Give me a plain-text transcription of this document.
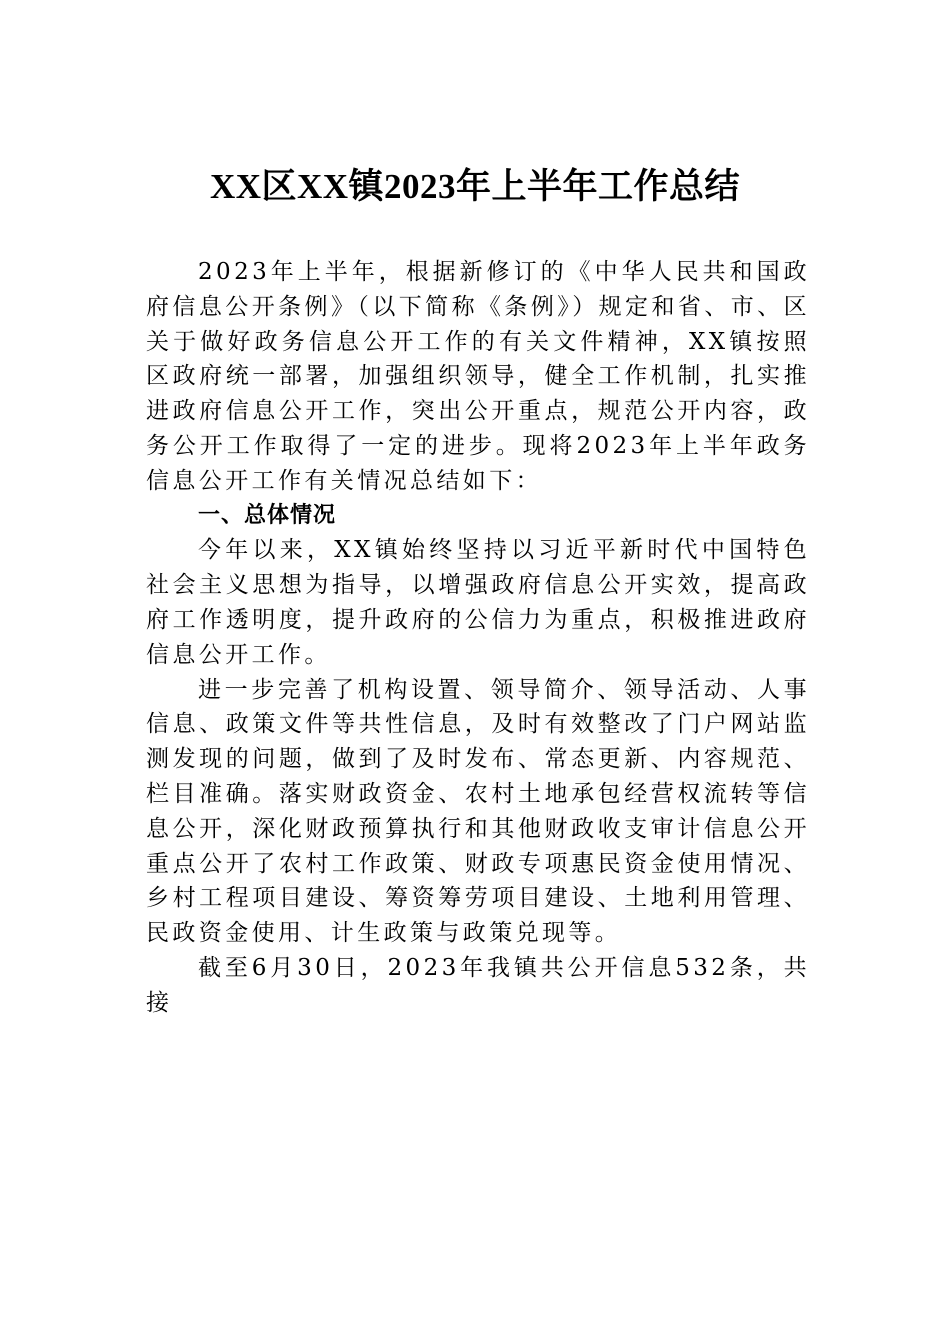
XX区XX镇2023年上半年工作总结

2023年上半年，根据新修订的《中华人民共和国政府信息公开条例》（以下简称《条例》）规定和省、市、区关于做好政务信息公开工作的有关文件精神，XX镇按照区政府统一部署，加强组织领导，健全工作机制，扎实推进政府信息公开工作，突出公开重点，规范公开内容，政务公开工作取得了一定的进步。现将2023年上半年政务信息公开工作有关情况总结如下：

一、总体情况

今年以来，XX镇始终坚持以习近平新时代中国特色社会主义思想为指导，以增强政府信息公开实效，提高政府工作透明度，提升政府的公信力为重点，积极推进政府信息公开工作。

进一步完善了机构设置、领导简介、领导活动、人事信息、政策文件等共性信息，及时有效整改了门户网站监测发现的问题，做到了及时发布、常态更新、内容规范、栏目准确。落实财政资金、农村土地承包经营权流转等信息公开，深化财政预算执行和其他财政收支审计信息公开重点公开了农村工作政策、财政专项惠民资金使用情况、乡村工程项目建设、筹资筹劳项目建设、土地利用管理、民政资金使用、计生政策与政策兑现等。

截至6月30日，2023年我镇共公开信息532条，共接
